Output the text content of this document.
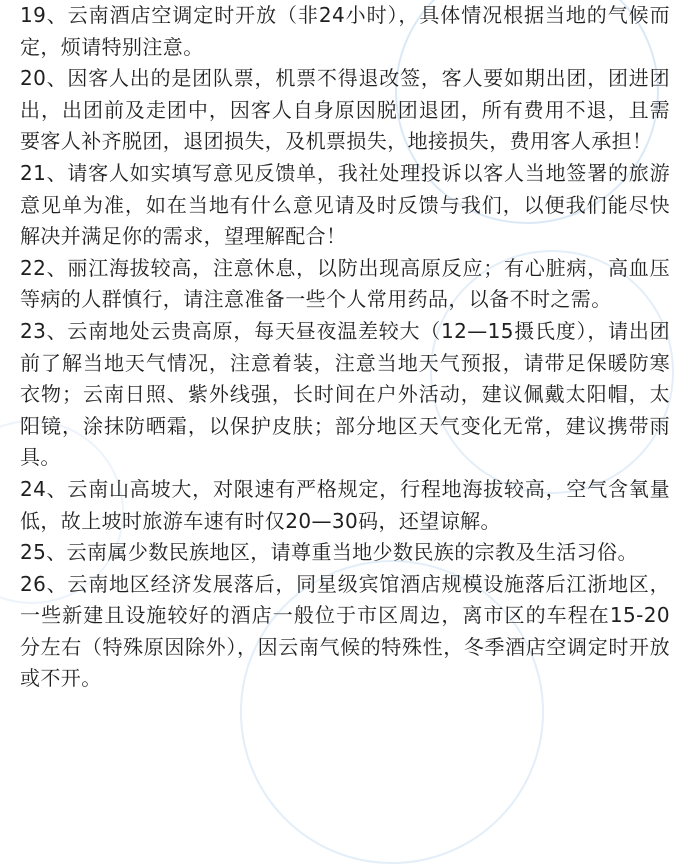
19、云南酒店空调定时开放（非24小时），具体情况根据当地的气候而定，烦请特别注意。

20、因客人出的是团队票，机票不得退改签，客人要如期出团，团进团出，出团前及走团中，因客人自身原因脱团退团，所有费用不退，且需要客人补齐脱团，退团损失，及机票损失，地接损失，费用客人承担！

21、请客人如实填写意见反馈单，我社处理投诉以客人当地签署的旅游意见单为准，如在当地有什么意见请及时反馈与我们，以便我们能尽快解决并满足你的需求，望理解配合！

22、丽江海拔较高，注意休息，以防出现高原反应；有心脏病，高血压等病的人群慎行，请注意准备一些个人常用药品，以备不时之需。

23、云南地处云贵高原，每天昼夜温差较大（12—15摄氏度），请出团前了解当地天气情况，注意着装，注意当地天气预报，请带足保暖防寒衣物；云南日照、紫外线强，长时间在户外活动，建议佩戴太阳帽，太阳镜，涂抹防晒霜，以保护皮肤；部分地区天气变化无常，建议携带雨具。

24、云南山高坡大，对限速有严格规定，行程地海拔较高，空气含氧量低，故上坡时旅游车速有时仅20—30码，还望谅解。

25、云南属少数民族地区，请尊重当地少数民族的宗教及生活习俗。

26、云南地区经济发展落后，同星级宾馆酒店规模设施落后江浙地区，一些新建且设施较好的酒店一般位于市区周边，离市区的车程在15-20分左右（特殊原因除外），因云南气候的特殊性，冬季酒店空调定时开放或不开。
